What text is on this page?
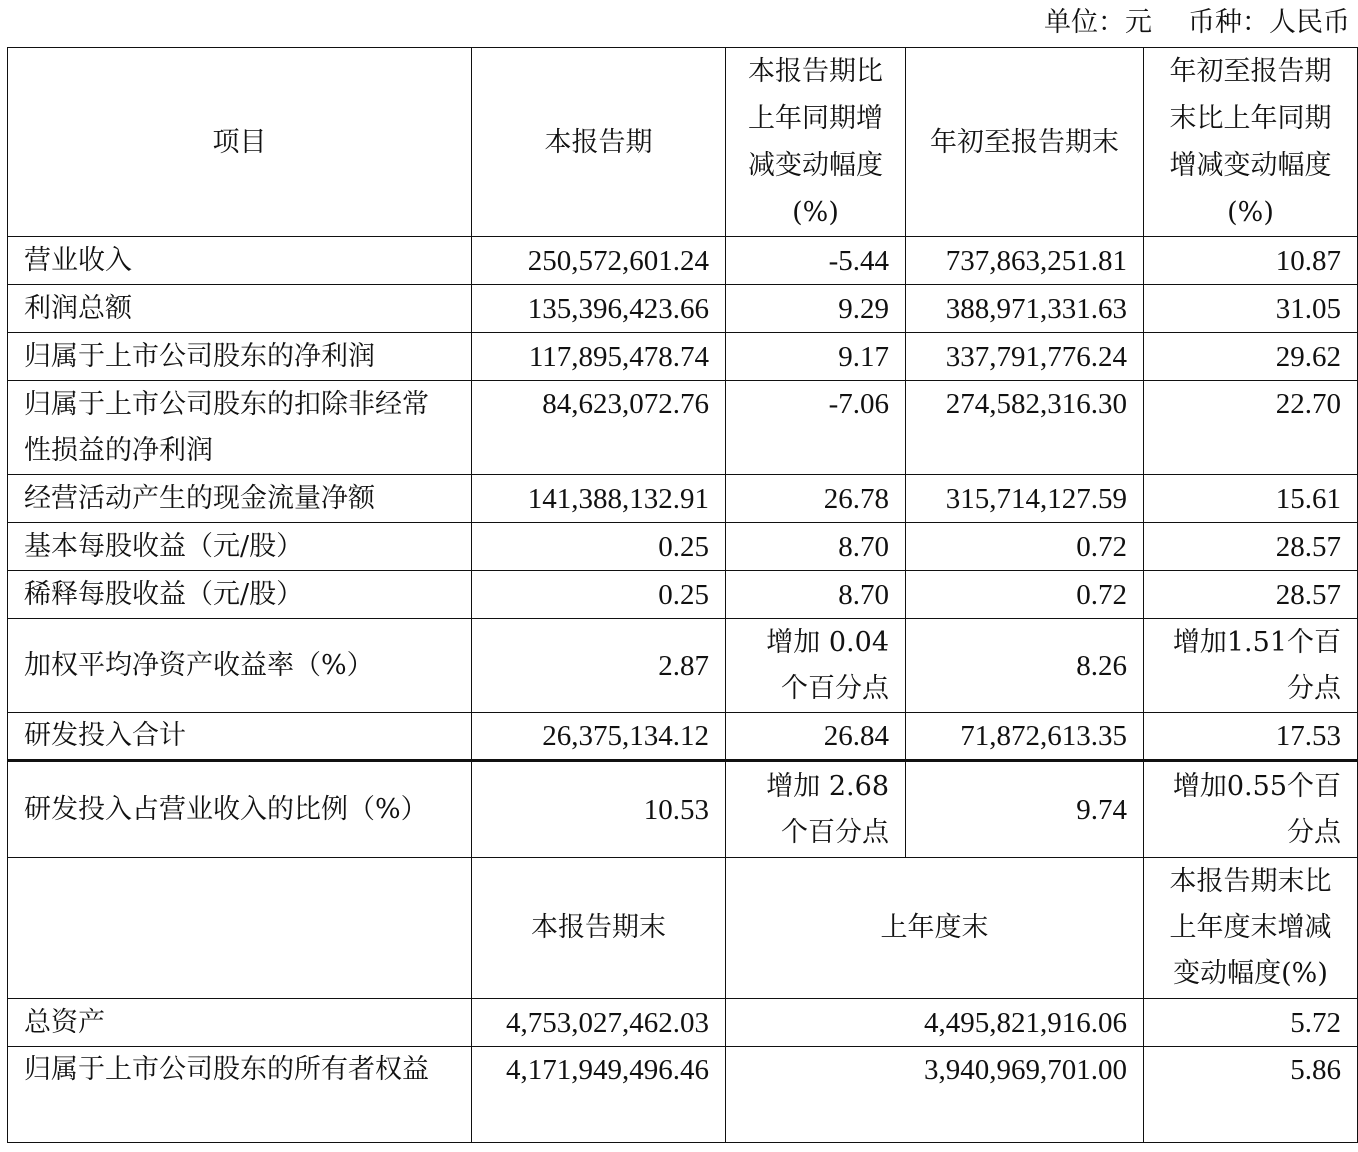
单位：元 币种：人民币
项目	本报告期	本报告期比上年同期增减变动幅度(%)	年初至报告期末	年初至报告期末比上年同期增减变动幅度(%)
营业收入	250,572,601.24	-5.44	737,863,251.81	10.87
利润总额	135,396,423.66	9.29	388,971,331.63	31.05
归属于上市公司股东的净利润	117,895,478.74	9.17	337,791,776.24	29.62
归属于上市公司股东的扣除非经常性损益的净利润	84,623,072.76	-7.06	274,582,316.30	22.70
经营活动产生的现金流量净额	141,388,132.91	26.78	315,714,127.59	15.61
基本每股收益（元/股）	0.25	8.70	0.72	28.57
稀释每股收益（元/股）	0.25	8.70	0.72	28.57
加权平均净资产收益率（%）	2.87	增加 0.04 个百分点	8.26	增加1.51个百分点
研发投入合计	26,375,134.12	26.84	71,872,613.35	17.53
研发投入占营业收入的比例（%）	10.53	增加 2.68 个百分点	9.74	增加0.55个百分点
	本报告期末	上年度末		本报告期末比上年度末增减变动幅度(%)
总资产	4,753,027,462.03	4,495,821,916.06		5.72
归属于上市公司股东的所有者权益	4,171,949,496.46	3,940,969,701.00		5.86
